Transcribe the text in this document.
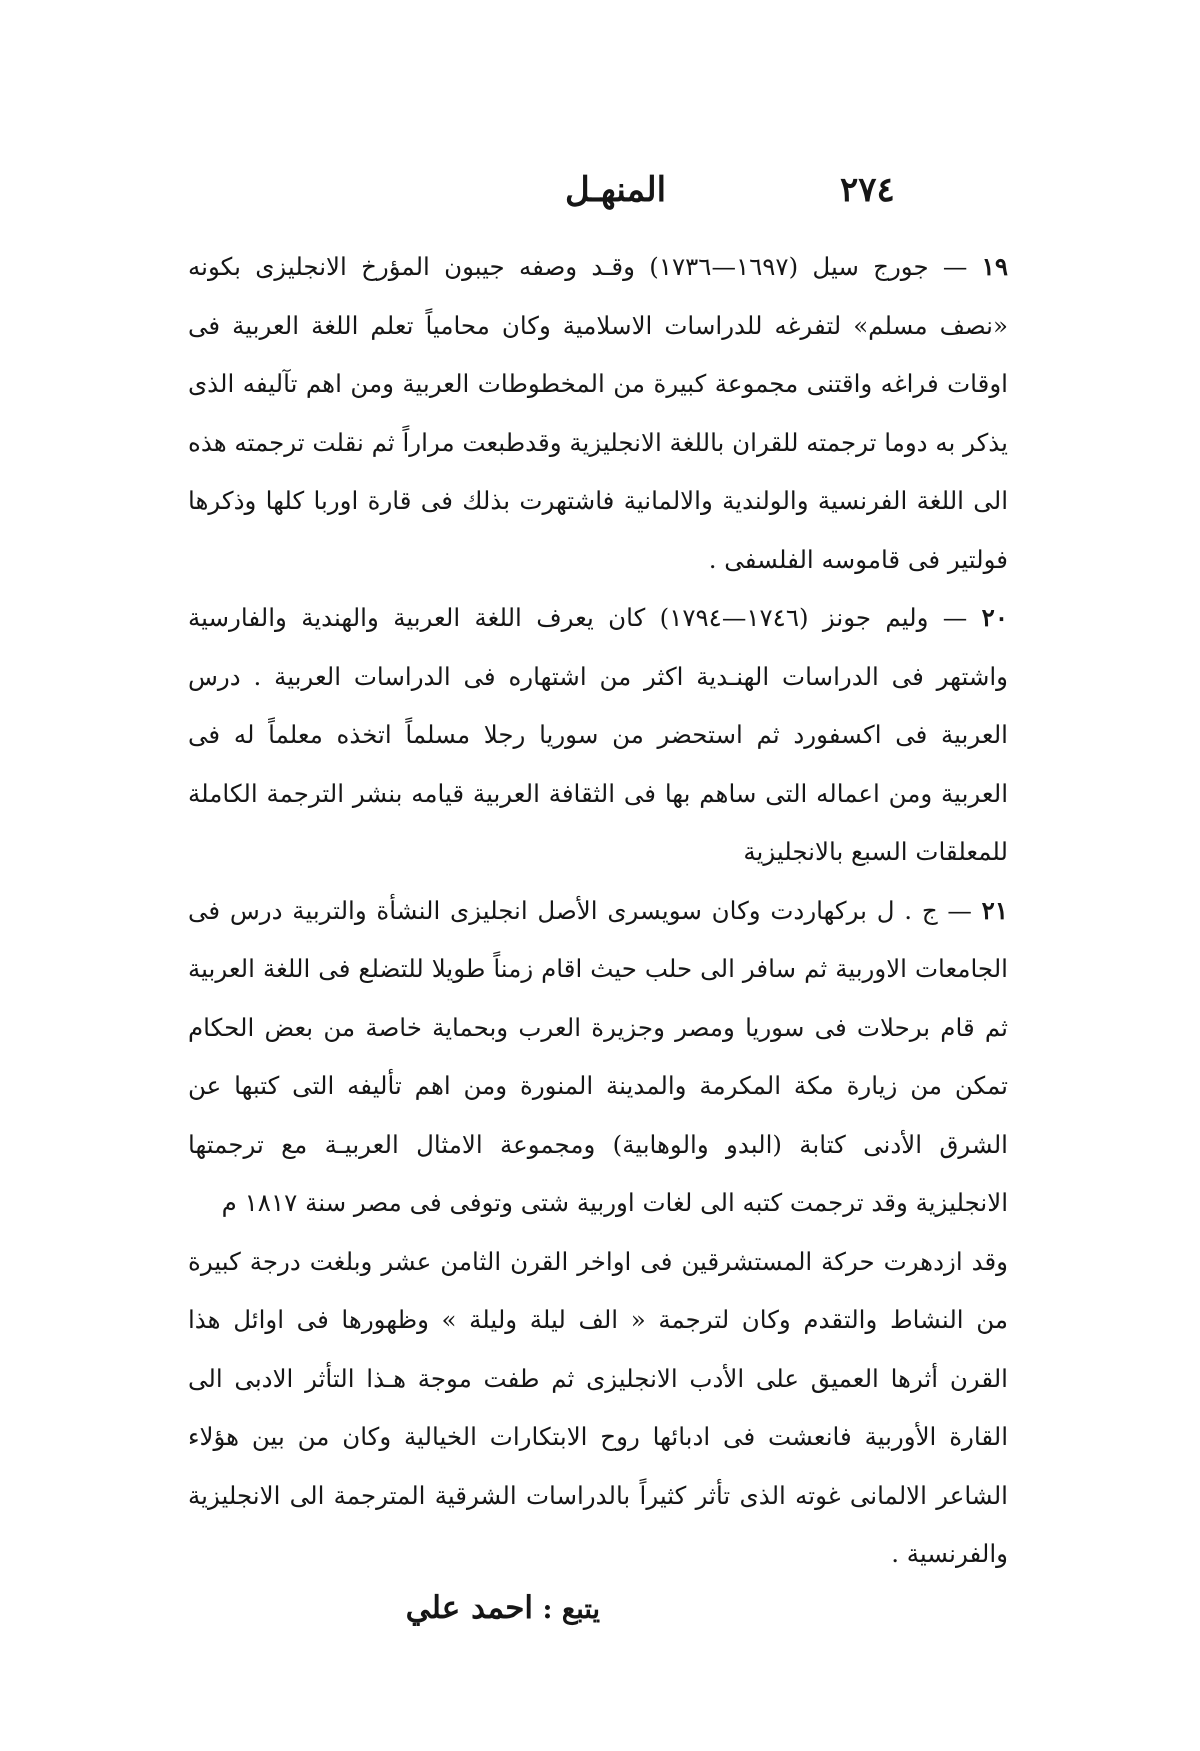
٢٧٤
المنهـل

١٩ — جورج سيل (١٦٩٧—١٧٣٦) وقـد وصفه جيبون المؤرخ الانجليزى بكونه «نصف مسلم» لتفرغه للدراسات الاسلامية وكان محامياً تعلم اللغة العربية فى اوقات فراغه واقتنى مجموعة كبيرة من المخطوطات العربية ومن اهم تآليفه الذى يذكر به دوما ترجمته للقران باللغة الانجليزية وقدطبعت مراراً ثم نقلت ترجمته هذه الى اللغة الفرنسية والولندية والالمانية فاشتهرت بذلك فى قارة اوربا كلها وذكرها فولتير فى قاموسه الفلسفى .

٢٠ — وليم جونز (١٧٤٦—١٧٩٤) كان يعرف اللغة العربية والهندية والفارسية واشتهر فى الدراسات الهنـدية اكثر من اشتهاره فى الدراسات العربية . درس العربية فى اكسفورد ثم استحضر من سوريا رجلا مسلماً اتخذه معلماً له فى العربية ومن اعماله التى ساهم بها فى الثقافة العربية قيامه بنشر الترجمة الكاملة للمعلقات السبع بالانجليزية

٢١ — ج . ل بركهاردت وكان سويسرى الأصل انجليزى النشأة والتربية درس فى الجامعات الاوربية ثم سافر الى حلب حيث اقام زمناً طويلا للتضلع فى اللغة العربية ثم قام برحلات فى سوريا ومصر وجزيرة العرب وبحماية خاصة من بعض الحكام تمكن من زيارة مكة المكرمة والمدينة المنورة ومن اهم تأليفه التى كتبها عن الشرق الأدنى كتابة (البدو والوهابية) ومجموعة الامثال العربيـة مع ترجمتها الانجليزية وقد ترجمت كتبه الى لغات اوربية شتى وتوفى فى مصر سنة ١٨١٧ م

وقد ازدهرت حركة المستشرقين فى اواخر القرن الثامن عشر وبلغت درجة كبيرة من النشاط والتقدم وكان لترجمة « الف ليلة وليلة » وظهورها فى اوائل هذا القرن أثرها العميق على الأدب الانجليزى ثم طفت موجة هـذا التأثر الادبى الى القارة الأوربية فانعشت فى ادبائها روح الابتكارات الخيالية وكان من بين هؤلاء الشاعر الالمانى غوته الذى تأثر كثيراً بالدراسات الشرقية المترجمة الى الانجليزية والفرنسية .

يتبع : احمد علي
